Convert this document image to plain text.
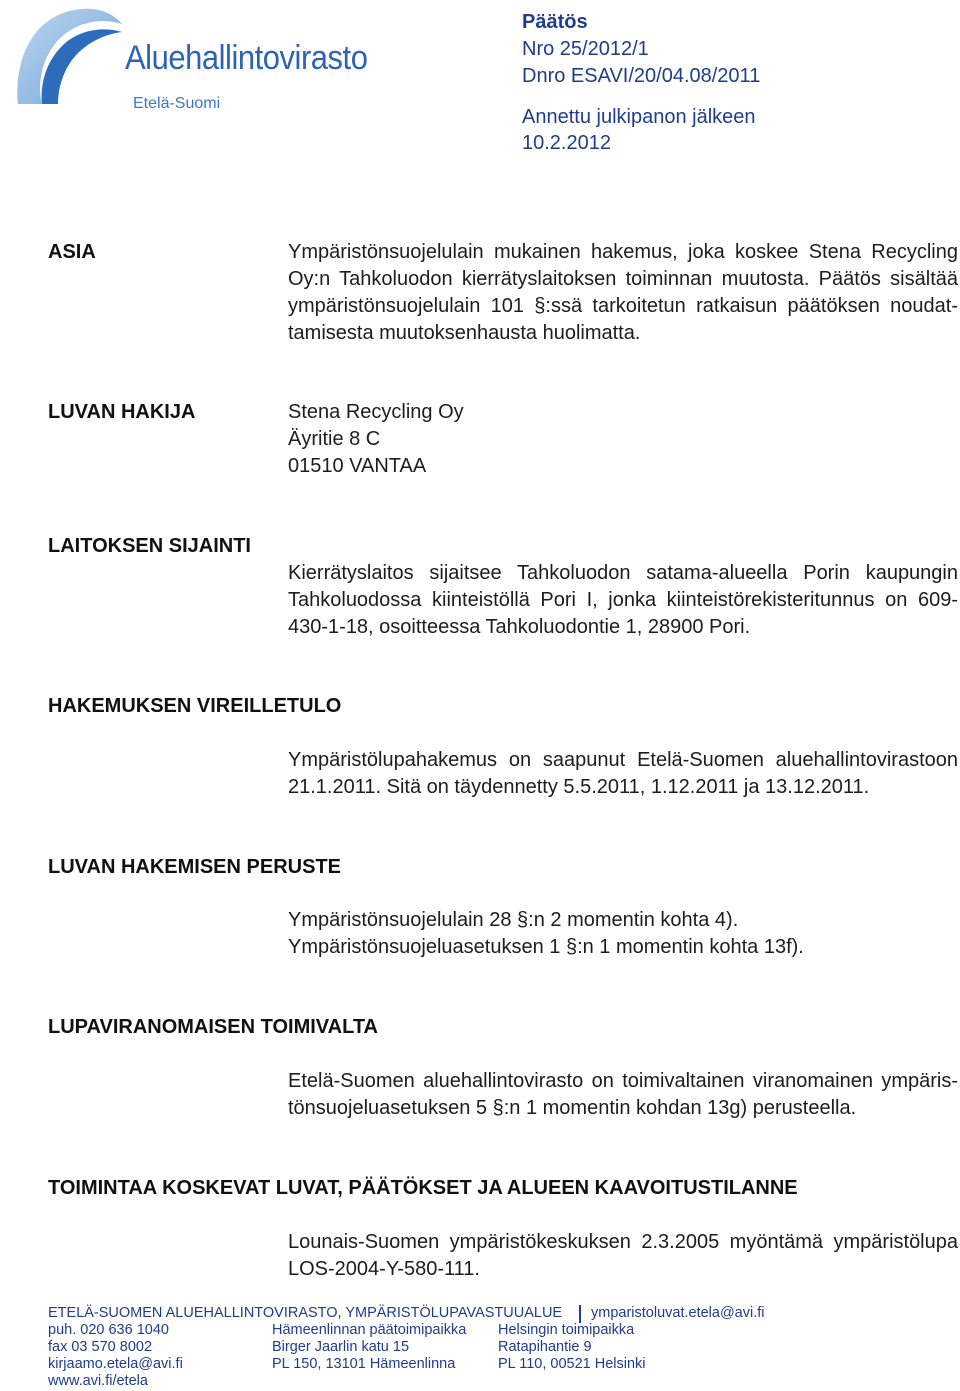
Aluehallintovirasto
Etelä-Suomi
Päätös
Nro 25/2012/1
Dnro ESAVI/20/04.08/2011
Annettu julkipanon jälkeen
10.2.2012
ASIA	Ympäristönsuojelulain mukainen hakemus, joka koskee Stena Recycling
Oy:n Tahkoluodon kierrätyslaitoksen toiminnan muutosta. Päätös sisältää
ympäristönsuojelulain 101 §:ssä tarkoitetun ratkaisun päätöksen noudat-
tamisesta muutoksenhausta huolimatta.
LUVAN HAKIJA	Stena Recycling Oy
Äyritie 8 C
01510 VANTAA
LAITOKSEN SIJAINTI
Kierrätyslaitos sijaitsee Tahkoluodon satama-alueella Porin kaupungin
Tahkoluodossa kiinteistöllä Pori I, jonka kiinteistörekisteritunnus on 609-
430-1-18, osoitteessa Tahkoluodontie 1, 28900 Pori.
HAKEMUKSEN VIREILLETULO
Ympäristölupahakemus on saapunut Etelä-Suomen aluehallintovirastoon
21.1.2011. Sitä on täydennetty 5.5.2011, 1.12.2011 ja 13.12.2011.
LUVAN HAKEMISEN PERUSTE
Ympäristönsuojelulain 28 §:n 2 momentin kohta 4).
Ympäristönsuojeluasetuksen 1 §:n 1 momentin kohta 13f).
LUPAVIRANOMAISEN TOIMIVALTA
Etelä-Suomen aluehallintovirasto on toimivaltainen viranomainen ympäris-
tönsuojeluasetuksen 5 §:n 1 momentin kohdan 13g) perusteella.
TOIMINTAA KOSKEVAT LUVAT, PÄÄTÖKSET JA ALUEEN KAAVOITUSTILANNE
Lounais-Suomen ympäristökeskuksen 2.3.2005 myöntämä ympäristölupa
LOS-2004-Y-580-111.
ETELÄ-SUOMEN ALUEHALLINTOVIRASTO, YMPÄRISTÖLUPAVASTUUALUE ymparistoluvat.etela@avi.fi
puh. 020 636 1040
fax 03 570 8002
kirjaamo.etela@avi.fi
www.avi.fi/etela
Hämeenlinnan päätoimipaikka
Birger Jaarlin katu 15
PL 150, 13101 Hämeenlinna
Helsingin toimipaikka
Ratapihantie 9
PL 110, 00521 Helsinki
